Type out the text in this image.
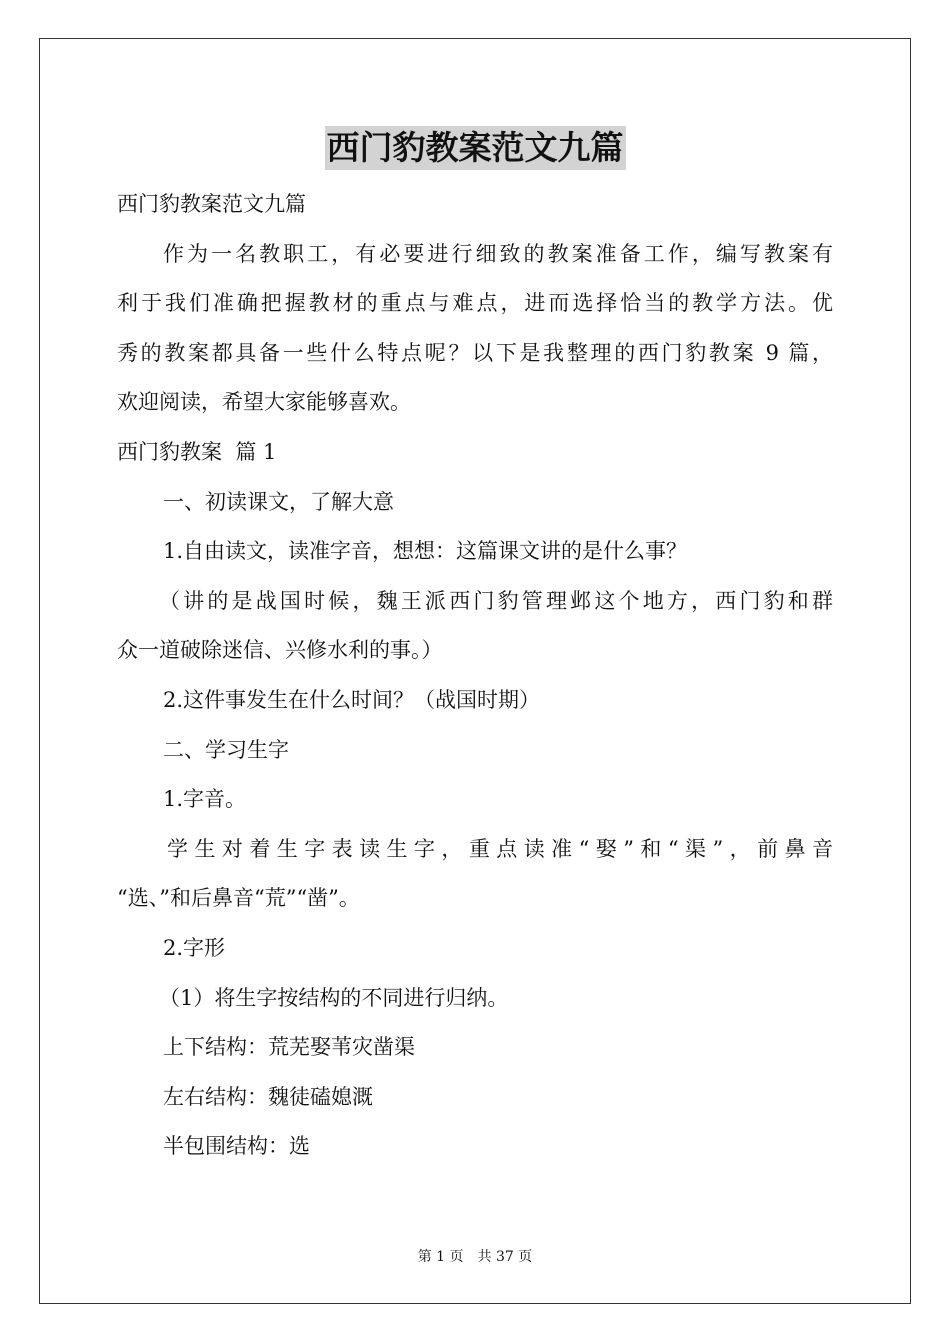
西门豹教案范文九篇

西门豹教案范文九篇

作为一名教职工，有必要进行细致的教案准备工作，编写教案有

利于我们准确把握教材的重点与难点，进而选择恰当的教学方法。优

秀的教案都具备一些什么特点呢？以下是我整理的西门豹教案 9 篇，

欢迎阅读，希望大家能够喜欢。

西门豹教案  篇 1

一、初读课文，了解大意

1.自由读文，读准字音，想想：这篇课文讲的是什么事？

（讲的是战国时候，魏王派西门豹管理邺这个地方，西门豹和群

众一道破除迷信、兴修水利的事。）

2.这件事发生在什么时间？（战国时期）

二、学习生字

1.字音。

学生对着生字表读生字，重点读准“娶”和“渠”，前鼻音

“选、”和后鼻音“荒”“凿”。

2.字形

（1）将生字按结构的不同进行归纳。

上下结构：荒芜娶苇灾凿渠

左右结构：魏徒磕媳溉

半包围结构：选

第 1 页 共 37 页
